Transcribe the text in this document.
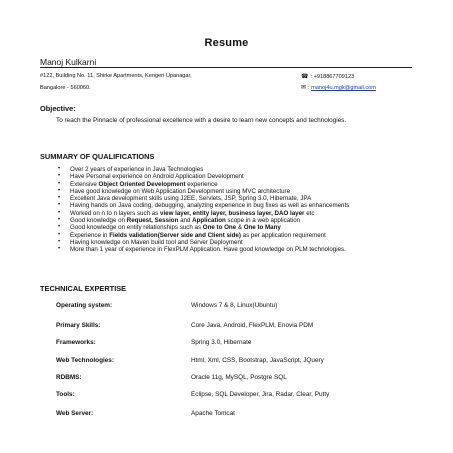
Resume
Manoj Kulkarni
#122, Building No. 11, Shirke Apartments, Kengeri Upanagar,
Bangalore - 560060.
☎ : +918867709123
✉ : manoj4u.mgk@gmail.com
Objective:
To reach the Pinnacle of professional excellence with a desire to learn new concepts and technologies.
SUMMARY OF QUALIFICATIONS
• Over 2 years of experience in Java Technologies
• Have Personal experience on Android Application Development
• Extensive Object Oriented Development experience
• Have good knowledge on Web Application Development using MVC architecture
• Excellent Java development skills using J2EE, Servlets, JSP, Spring 3.0, Hibernate, JPA
• Having hands on Java coding, debugging, analyzing experience in bug fixes as well as enhancements
• Worked on n to n layers such as view layer, entity layer, business layer, DAO layer etc
• Good knowledge on Request, Session and Application scope in a web application
• Good knowledge on entity relationships such as One to One & One to Many
• Experience in Fields validation(Server side and Client side) as per application requirement
• Having knowledge on Maven build tool and Server Deployment
• More than 1 year of experience in FlexPLM Application. Have good knowledge on PLM technologies.
TECHNICAL EXPERTISE
Operating system:	Windows 7 & 8, Linux(Ubuntu)
Primary Skills:	Core Java, Android, FlexPLM, Enovia PDM
Frameworks:	Spring 3.0, Hibernate
Web Technologies:	Html, Xml, CSS, Bootstrap, JavaScript, JQuery
RDBMS:	Oracle 11g, MySQL, Postgre SQL
Tools:	Eclipse, SQL Developer, Jira, Radar, Clear, Putty
Web Server:	Apache Tomcat
